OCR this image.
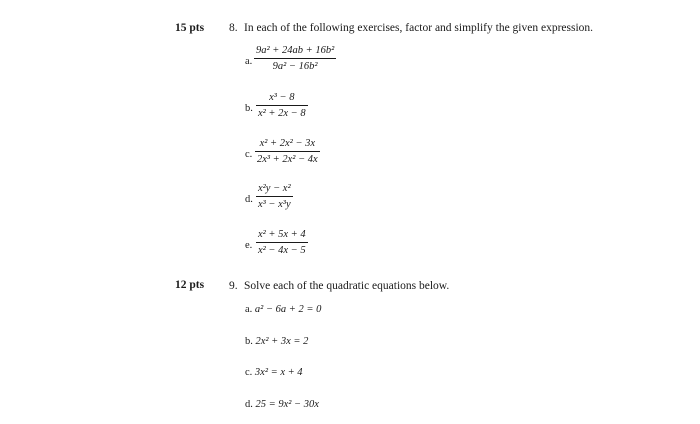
15 pts 8. In each of the following exercises, factor and simplify the given expression.
a.
9a² + 24ab + 16b²
9a² − 16b²
b.
x³ − 8
x² + 2x − 8
c.
x² + 2x² − 3x
2x³ + 2x² − 4x
d.
x²y − x²
x³ − x³y
e.
x² + 5x + 4
x² − 4x − 5
12 pts 9. Solve each of the quadratic equations below.
a. a² − 6a + 2 = 0
b. 2x² + 3x = 2
c. 3x² = x + 4
d. 25 = 9x² − 30x
